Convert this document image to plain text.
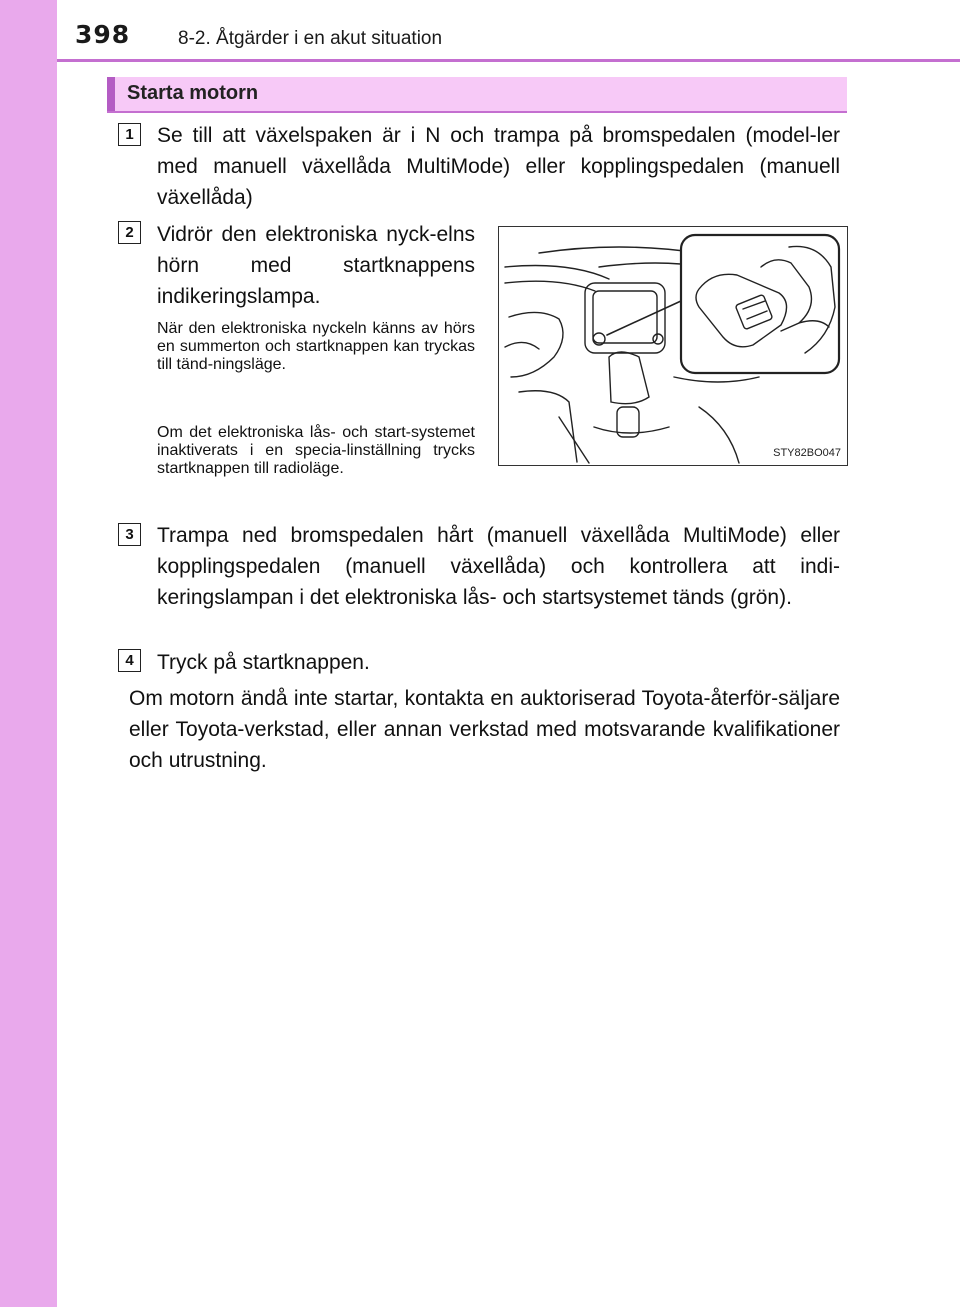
398	8-2. Åtgärder i en akut situation
Starta motorn
1	Se till att växelspaken är i N och trampa på bromspedalen (model-ler med manuell växellåda MultiMode) eller kopplingspedalen (manuell växellåda)
2	Vidrör den elektroniska nyck-elns hörn med startknappens indikeringslampa.
När den elektroniska nyckeln känns av hörs en summerton och startknappen kan tryckas till tänd-ningsläge.
Om det elektroniska lås- och start-systemet inaktiverats i en specia-linställning trycks startknappen till radioläge.
STY82BO047
3	Trampa ned bromspedalen hårt (manuell växellåda MultiMode) eller kopplingspedalen (manuell växellåda) och kontrollera att indi-keringslampan i det elektroniska lås- och startsystemet tänds (grön).
4	Tryck på startknappen.
Om motorn ändå inte startar, kontakta en auktoriserad Toyota-återför-säljare eller Toyota-verkstad, eller annan verkstad med motsvarande kvalifikationer och utrustning.
